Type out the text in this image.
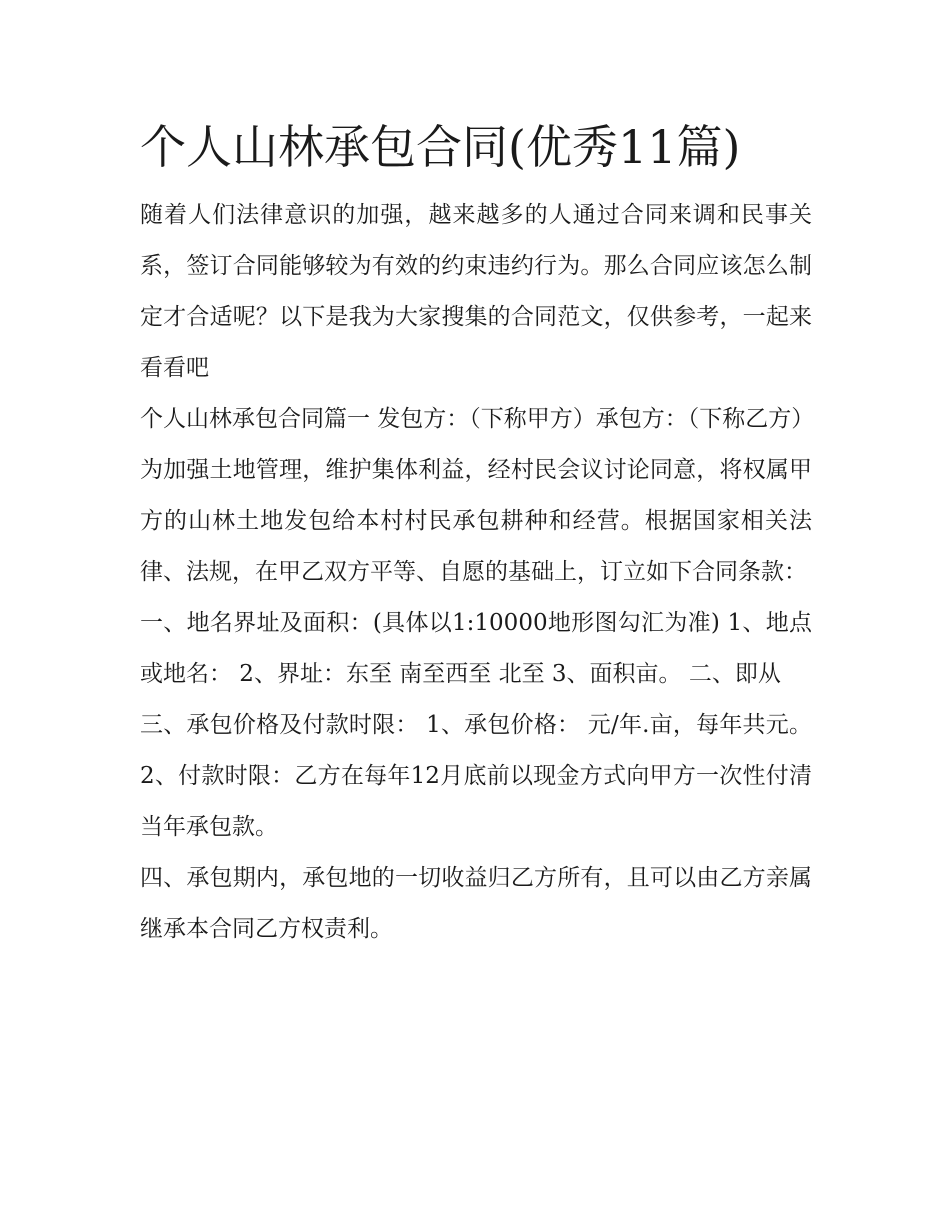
个人山林承包合同(优秀11篇)

随着人们法律意识的加强，越来越多的人通过合同来调和民事关系，签订合同能够较为有效的约束违约行为。那么合同应该怎么制定才合适呢？以下是我为大家搜集的合同范文，仅供参考，一起来看看吧

个人山林承包合同篇一 发包方：（下称甲方）承包方：（下称乙方）

为加强土地管理，维护集体利益，经村民会议讨论同意，将权属甲方的山林土地发包给本村村民承包耕种和经营。根据国家相关法律、法规，在甲乙双方平等、自愿的基础上，订立如下合同条款：

一、地名界址及面积：(具体以1:10000地形图勾汇为准) 1、地点或地名： 2、界址：东至 南至西至 北至 3、面积亩。 二、即从

三、承包价格及付款时限： 1、承包价格： 元/年.亩，每年共元。 2、付款时限：乙方在每年12月底前以现金方式向甲方一次性付清当年承包款。

四、承包期内，承包地的一切收益归乙方所有，且可以由乙方亲属继承本合同乙方权责利。
